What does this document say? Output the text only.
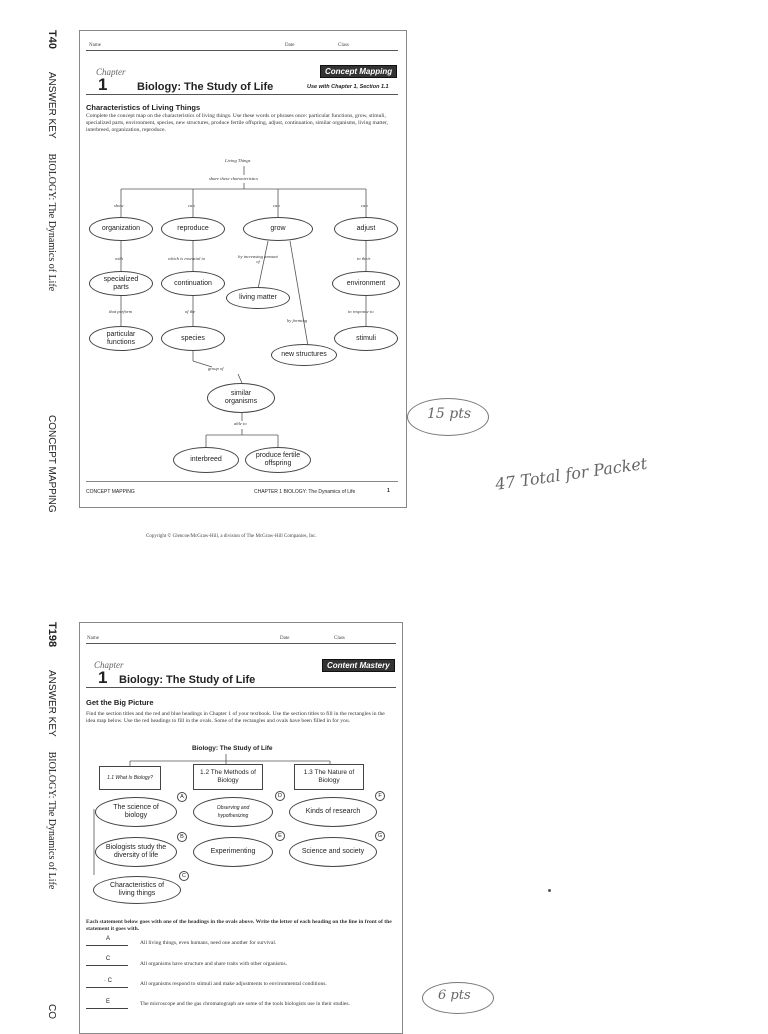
T40  ANSWER KEY  BIOLOGY: The Dynamics of Life
CONCEPT MAPPING
Name	Date	Class
Chapter
1	Biology: The Study of Life
Concept Mapping
Use with Chapter 1, Section 1.1
Characteristics of Living Things
Complete the concept map on the characteristics of living things. Use these words or phrases once: particular functions, grow, stimuli, specialized parts, environment, species, new structures, produce fertile offspring, adjust, continuation, similar organisms, living matter, interbreed, organization, reproduce.
Living Things
share these characteristics
show	can	can	can
organization	reproduce	grow	adjust
with	which is essential to	by increasing amount of
to their
specialized parts
continuation
living matter
environment
that perform	of the
by forming
in response to
particular functions
species
new structures
stimuli
group of
similar organisms
able to
interbreed
produce fertile offspring
CONCEPT MAPPING	CHAPTER 1 BIOLOGY: The Dynamics of Life	1
Copyright © Glencoe/McGraw-Hill, a division of The McGraw-Hill Companies, Inc.
15 pts
47 Total for Packet
T198  ANSWER KEY  BIOLOGY: The Dynamics of Life
CO
Name	Date	Class
Chapter
1 Biology: The Study of Life
Content Mastery
Get the Big Picture
Find the section titles and the red and blue headings in Chapter 1 of your textbook. Use the section titles to fill in the rectangles in the idea map below. Use the red headings to fill in the ovals. Some of the rectangles and ovals have been filled in for you.
Biology: The Study of Life
1.1 What Is Biology?
1.2 The Methods of Biology
1.3 The Nature of Biology
The science of biology
Biologists study the diversity of life
Characteristics of living things
Observing and hypothesizing
Experimenting
Kinds of research
Science and society
A
B
C
D
E
F
G
Each statement below goes with one of the headings in the ovals above. Write the letter of each heading on the line in front of the statement it goes with.
A
All living things, even humans, need one another for survival.
C
All organisms have structure and share traits with other organisms.
· C	All organisms respond to stimuli and make adjustments to environmental conditions.
E	The microscope and the gas chromatograph are some of the tools biologists use in their studies.
6 pts
